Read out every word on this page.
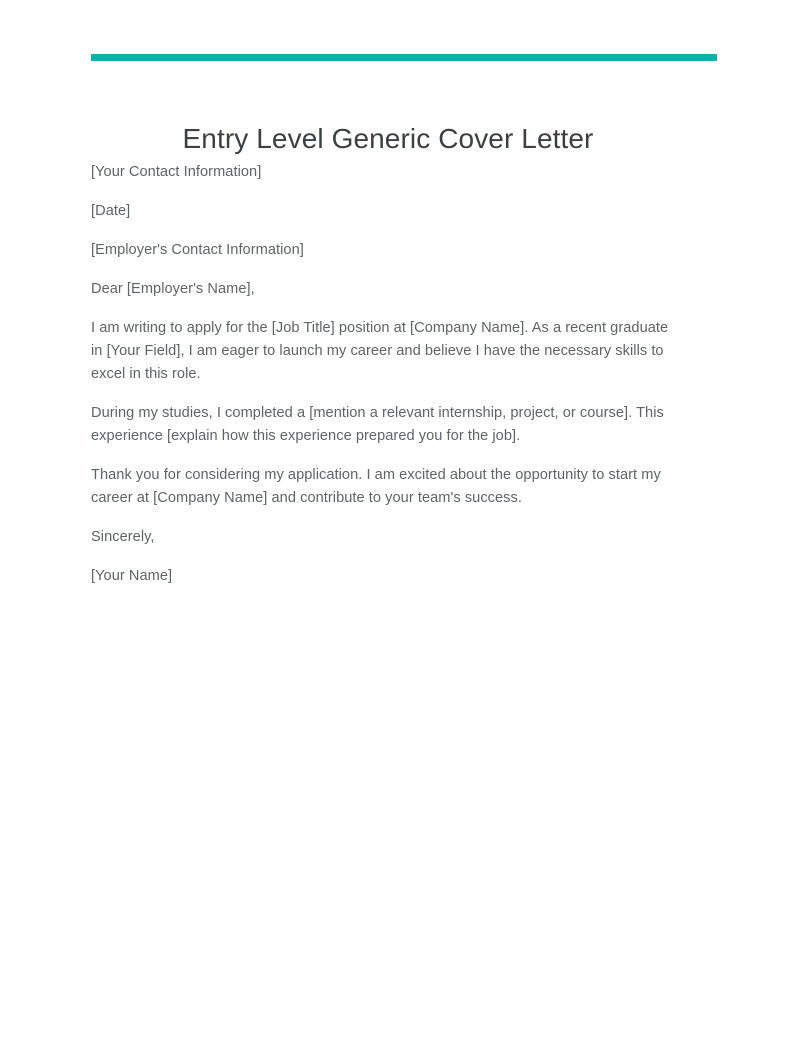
Entry Level Generic Cover Letter

[Your Contact Information]

[Date]

[Employer's Contact Information]

Dear [Employer's Name],

I am writing to apply for the [Job Title] position at [Company Name]. As a recent graduate in [Your Field], I am eager to launch my career and believe I have the necessary skills to excel in this role.

During my studies, I completed a [mention a relevant internship, project, or course]. This experience [explain how this experience prepared you for the job].

Thank you for considering my application. I am excited about the opportunity to start my career at [Company Name] and contribute to your team's success.

Sincerely,

[Your Name]
